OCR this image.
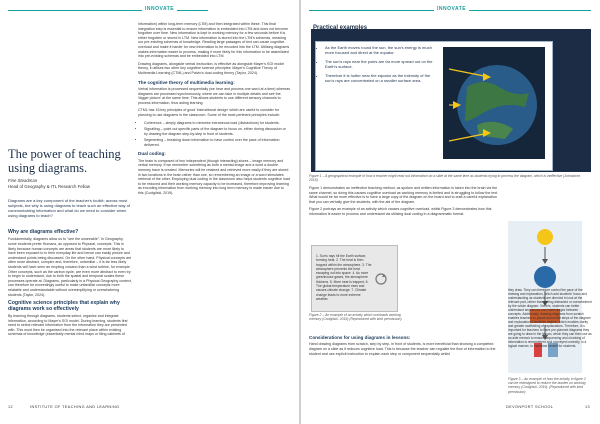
INNOVATE

information) within long-term memory (LTM) and then integrated within these. This final integration step is essential to ensure information is embedded into LTM and does not become forgotten over time. New information is kept in working memory for a few seconds before it is either forgotten or stored in LTM. New information is stored into the LTM's schemas, meaning our pre-existing schemas of knowledge. Reading large passages of text can cause cognitive overload and make it harder for new information to be encoded into the LTM. Utilising diagrams makes information easier to process, making it more likely for this information to be assimilated into pre-existing schemas and be embedded into LTM.

Drawing diagrams, alongside verbal instruction, is effective as alongside Mayer's SOI model theory, it utilises two other key cognitive science principles: Mayer's Cognitive Theory of Multimedia Learning (CTML) and Paivio's dual coding theory (Taylor, 2024).

The cognitive theory of multimedia learning:

Verbal information is processed sequentially (we hear and process one word at a time) whereas diagrams are processed synchronously, where we can take in multiple details and see the 'bigger picture' at the same time. This allows students to use different sensory channels to process information, thus aiding learning.

CTML has 15 key principles of good 'instructional design' which are useful to consider for planning to use diagrams in the classroom. Some of the most pertinent principles include:

• Coherence – simply diagrams to minimise extraneous load (distractions) for students.
• Signalling – point out specific parts of the diagram to focus on, either during discussion or by drawing the diagram step-by-step in front of students.
• Segmenting – breaking down information to have control over the pace of information delivered.
Dual coding:

The brain is composed of two independent (though interacting) stores – image memory and verbal memory. If we remember something as both a mental image and a word a double memory trace is created. Memories will be retained and retrieved more easily if they are stored in two locations in the brain rather than one, so remembering an image or a word stimulates retrieval of the other. Employing dual coding in the classroom also helps students cognitive load to be reduced and their working memory capacity to be increased, therefore improving learning as encoding information from working memory into long term memory is made easier due to this (Coolgilski, 2019).

The power of teaching using diagrams.
Fine Steadman
Head of Geography & ITL Research Fellow
Diagrams are a key component of the teacher's toolkit; across most subjects, but why is using diagrams to teach such an effective way of communicating information and what do we need to consider when using diagrams to teach?
Why are diagrams effective?

Fundamentally, diagrams allow us to "see the unseeable". In Geography, some students prefer Humans, as opposed to Physical, concepts. This is likely because human concepts are areas that students are more likely to have been exposed to in their everyday life and hence can easily picture and understand points being discussed. On the other hand, Physical concepts are often more abstract, complex and, therefore, unfamiliar – it is far less likely students will have seen an erupting volcano than a wind turbine, for example. Other concepts, such as the carbon cycle, are even more abstract to even try to begin to understand, due to both the spatial and temporal scales these processes operate at. Diagrams, particularly in a Physical Geography context, can therefore be exceedingly useful to make unfamiliar concepts more relatable and understandable without oversimplifying or overwhelming students (Taylor, 2024).

Cognitive science principles that explain why diagrams work so effectively

By learning through diagrams, students select, organise and integrate information, according to Mayer's SOI model. During learning, students first need to select relevant information from the information they are presented with. This must then be organised into the relevant place within existing schemas of knowledge (essentially mental mind maps or filing cabinets of

12	INSTITUTE OF TEACHING AND LEARNING
INNOVATE
Practical examples
• As the Earth moves round the sun, the sun's energy is much more focused and direct at the equator.
• The sun's rays near the poles are far more spread out on the Earth's surface.
• Therefore it is hotter near the equator as the intensity of the sun's rays are concentrated on a smaller surface area.
Figure 1 – A geographical example of how a teacher might read out information on a slide at the same time as students trying to process the diagram, which is ineffective (Johnstone, 2018).

Figure 1 demonstrates an ineffective teaching method, as spoken and written information is taken into the brain via the same channel, so doing this causes cognitive overload as working memory is limited and is struggling to follow the text. What would be far more effective is to have a large copy of the diagram on the board and to craft a careful explanation that you can verbally give the students, with the aid of the diagram.

Figure 2 portrays an example of an activity which causes cognitive overload, whilst Figure 3 demonstrates how this information is easier to process and understand via utilising dual coding in a diagrammatic format.

1. Sun's rays hit the Earth surface, forming heat. 2. The heat is then trapped within the atmosphere. 3. The atmosphere prevents the heat escaping out into space. 4. As more greenhouse gases, the atmosphere thickens. 5. More heat is trapped. 6. The global temperature rises and causes climate change. 7. Climate change leads to more extreme weather.
Figure 2 – An example of an activity which overloads working memory (Coolgilski, 2019) (Reproduced with kind permission).
Considerations for using diagrams in lessons:

Hand drawing diagrams from scratch, step by step, in front of students, is more beneficial than showing a completed diagram on a slide as it reduces cognitive load. This is because the teacher can regulate the flow of information to the student and use explicit instruction to explain each step or component sequentially whilst

Figure 3 – An example of how the activity in figure 2 can be redesigned to reduce the burden on working memory (Coolgilski, 2019). (Reproduced with kind permission)
DEVONPORT SCHOOL	13

they draw. They can therefore control the pace of the drawing and explanation, which add students' focus and understanding as students are directed to look at the relevant part, rather than getting distracted or overwhelmed by the whole diagram. Via this, students can better understand sequences and interlinkages between concepts. Additionally, drawing diagrams from scratch enables teachers to pause and revisit steps of the diagram and explanation if students require, which enables clarity and greater scaffolding of explanations. Therefore, it is important for teachers to have pre-planned diagrams they are going to draw in the lesson, which they can then use as an aide memoir to ensure sequencing and chunking of information is remembered and conveyed correctly, in a logical manner, to maximise benefit for students.
